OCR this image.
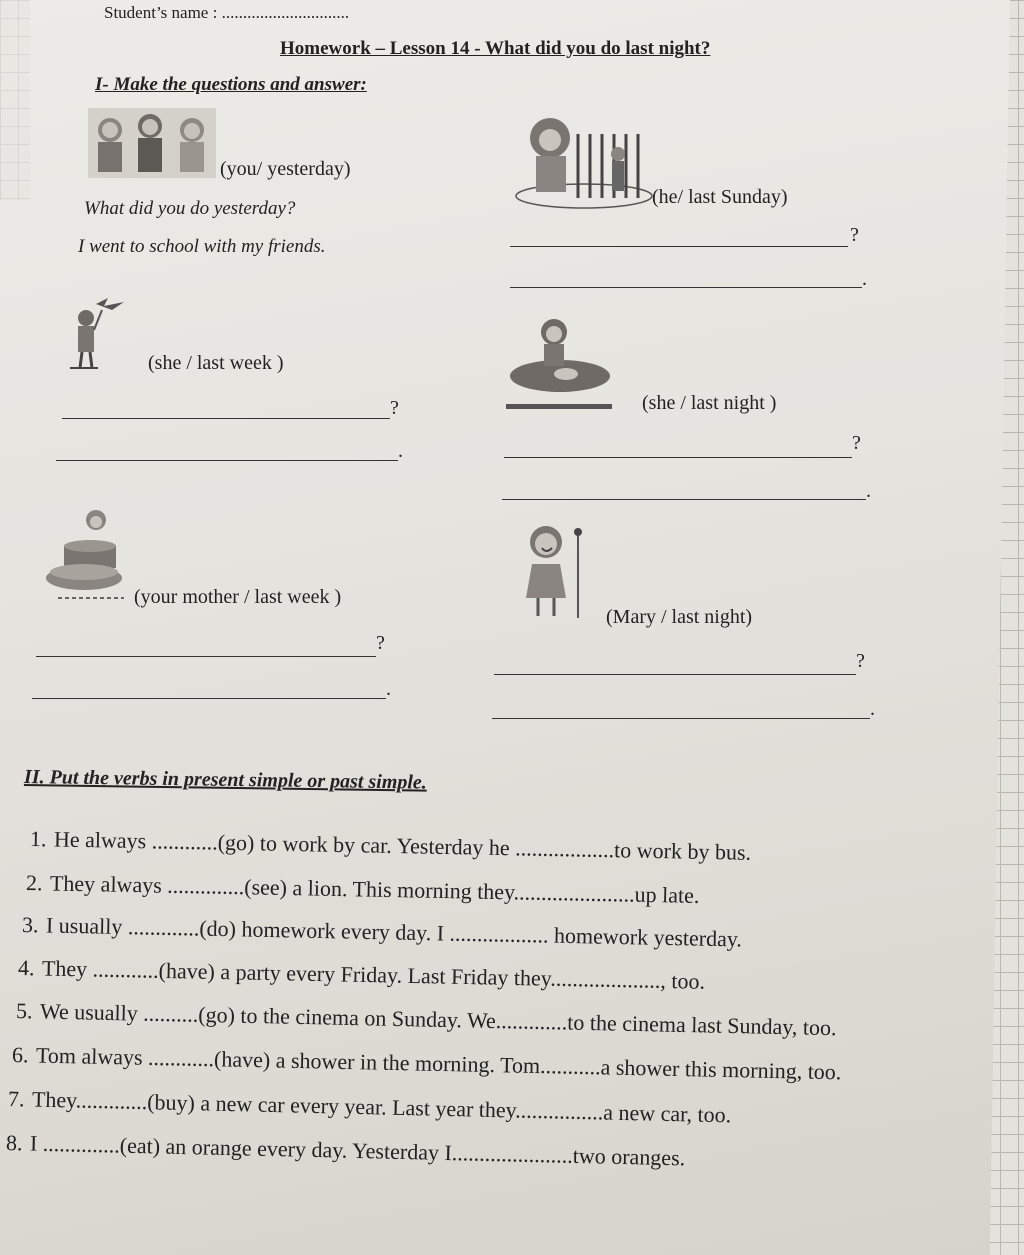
Student’s name : ..............................
Homework – Lesson 14 - What did you do last night?
I- Make the questions and answer:
(you/ yesterday)
What did you do yesterday?
I went to school with my friends.
(he/ last Sunday)
?
.
(she / last week )
?
.
(she / last night )
?
.
(your mother / last week )
?
.
(Mary / last night)
?
.
II. Put the verbs in present simple or past simple.
1. He always ............(go) to work by car. Yesterday he ..................to work by bus.
2. They always ..............(see) a lion. This morning they......................up late.
3. I usually .............(do) homework every day. I .................. homework yesterday.
4. They ............(have) a party every Friday. Last Friday they...................., too.
5. We usually ..........(go) to the cinema on Sunday. We.............to the cinema last Sunday, too.
6. Tom always ............(have) a shower in the morning. Tom...........a shower this morning, too.
7. They.............(buy) a new car every year. Last year they................a new car, too.
8. I ..............(eat) an orange every day. Yesterday I......................two oranges.
